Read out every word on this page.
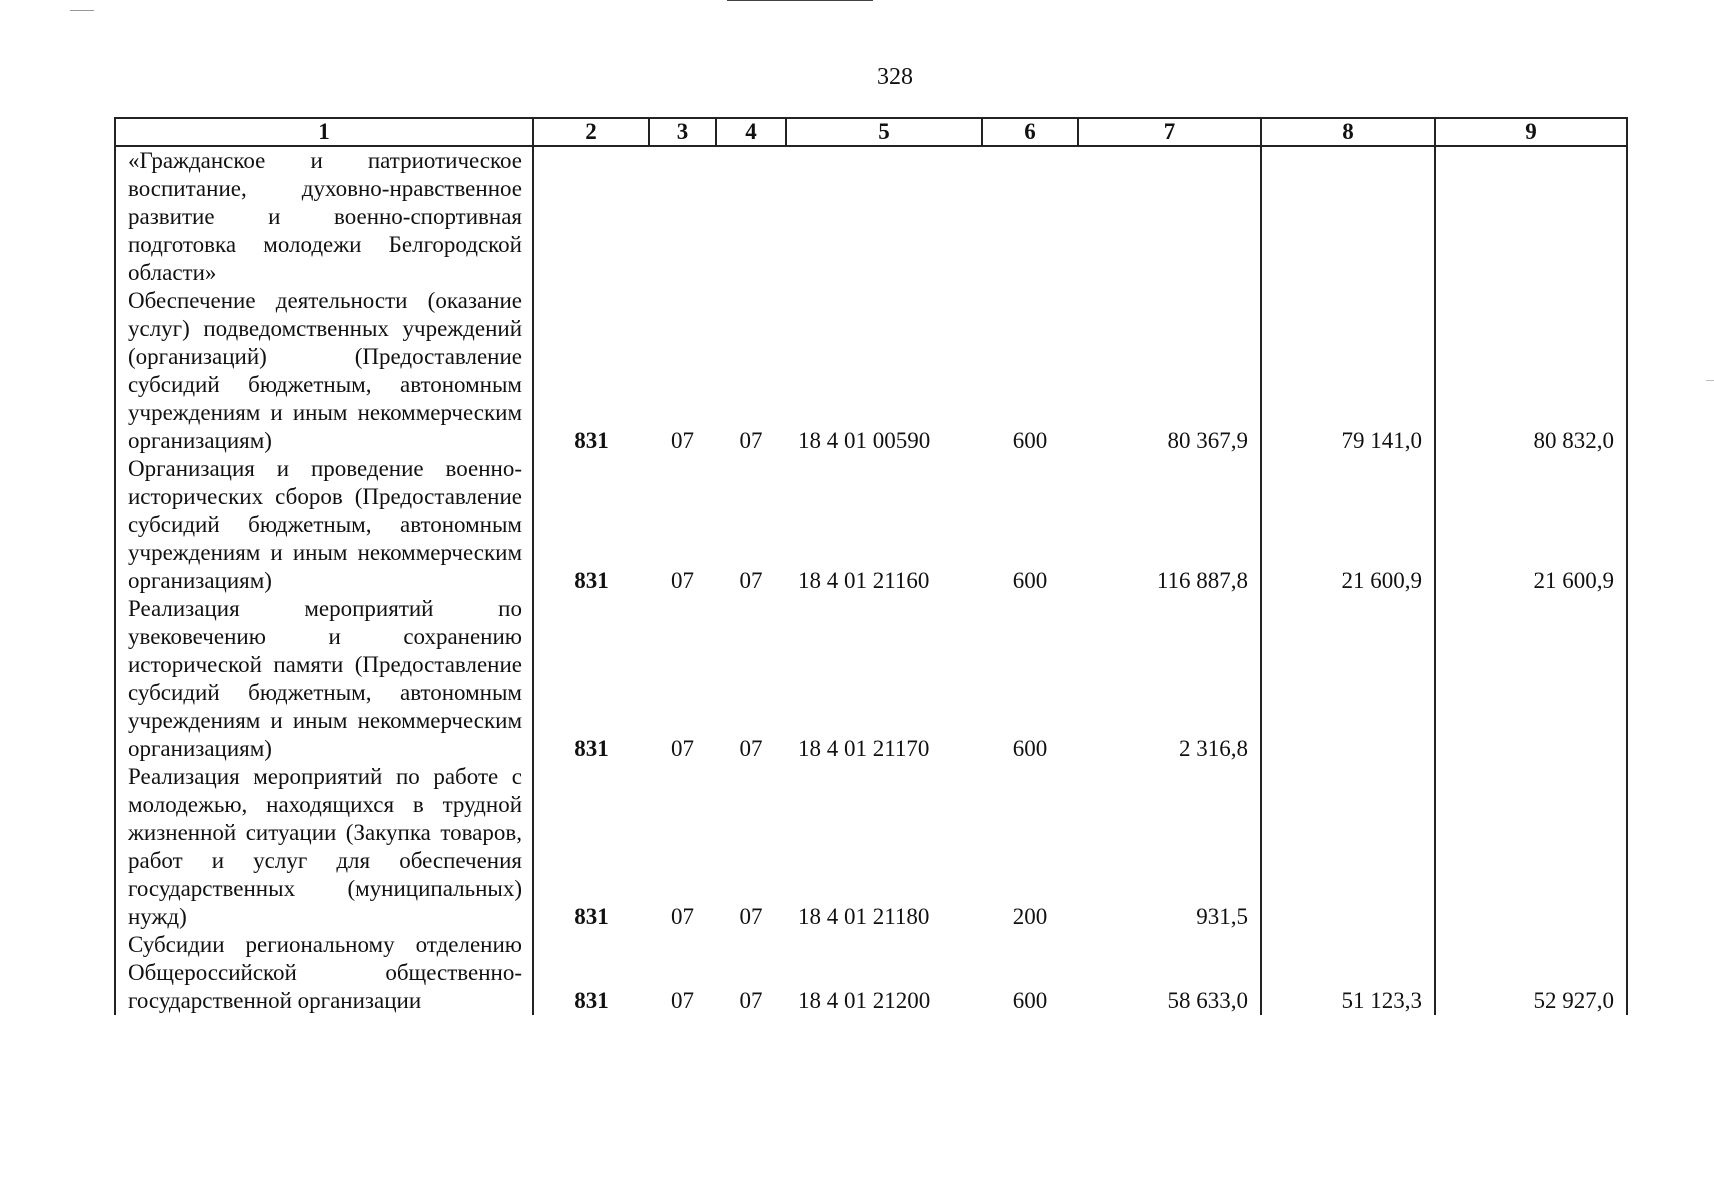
328
1	2	3	4	5	6	7	8	9
«Гражданское и патриотическое воспитание, духовно-нравственное развитие и военно-спортивная подготовка молодежи Белгородской области»								
Обеспечение деятельности (оказание услуг) подведомственных учреждений (организаций) (Предоставление субсидий бюджетным, автономным учреждениям и иным некоммерческим организациям)	831	07	07	18 4 01 00590	600	80 367,9	79 141,0	80 832,0
Организация и проведение военно-исторических сборов (Предоставление субсидий бюджетным, автономным учреждениям и иным некоммерческим организациям)	831	07	07	18 4 01 21160	600	116 887,8	21 600,9	21 600,9
Реализация мероприятий по увековечению и сохранению исторической памяти (Предоставление субсидий бюджетным, автономным учреждениям и иным некоммерческим организациям)	831	07	07	18 4 01 21170	600	2 316,8		
Реализация мероприятий по работе с молодежью, находящихся в трудной жизненной ситуации (Закупка товаров, работ и услуг для обеспечения государственных (муниципальных) нужд)	831	07	07	18 4 01 21180	200	931,5		
Субсидии региональному отделению Общероссийской общественно-государственной организации	831	07	07	18 4 01 21200	600	58 633,0	51 123,3	52 927,0
